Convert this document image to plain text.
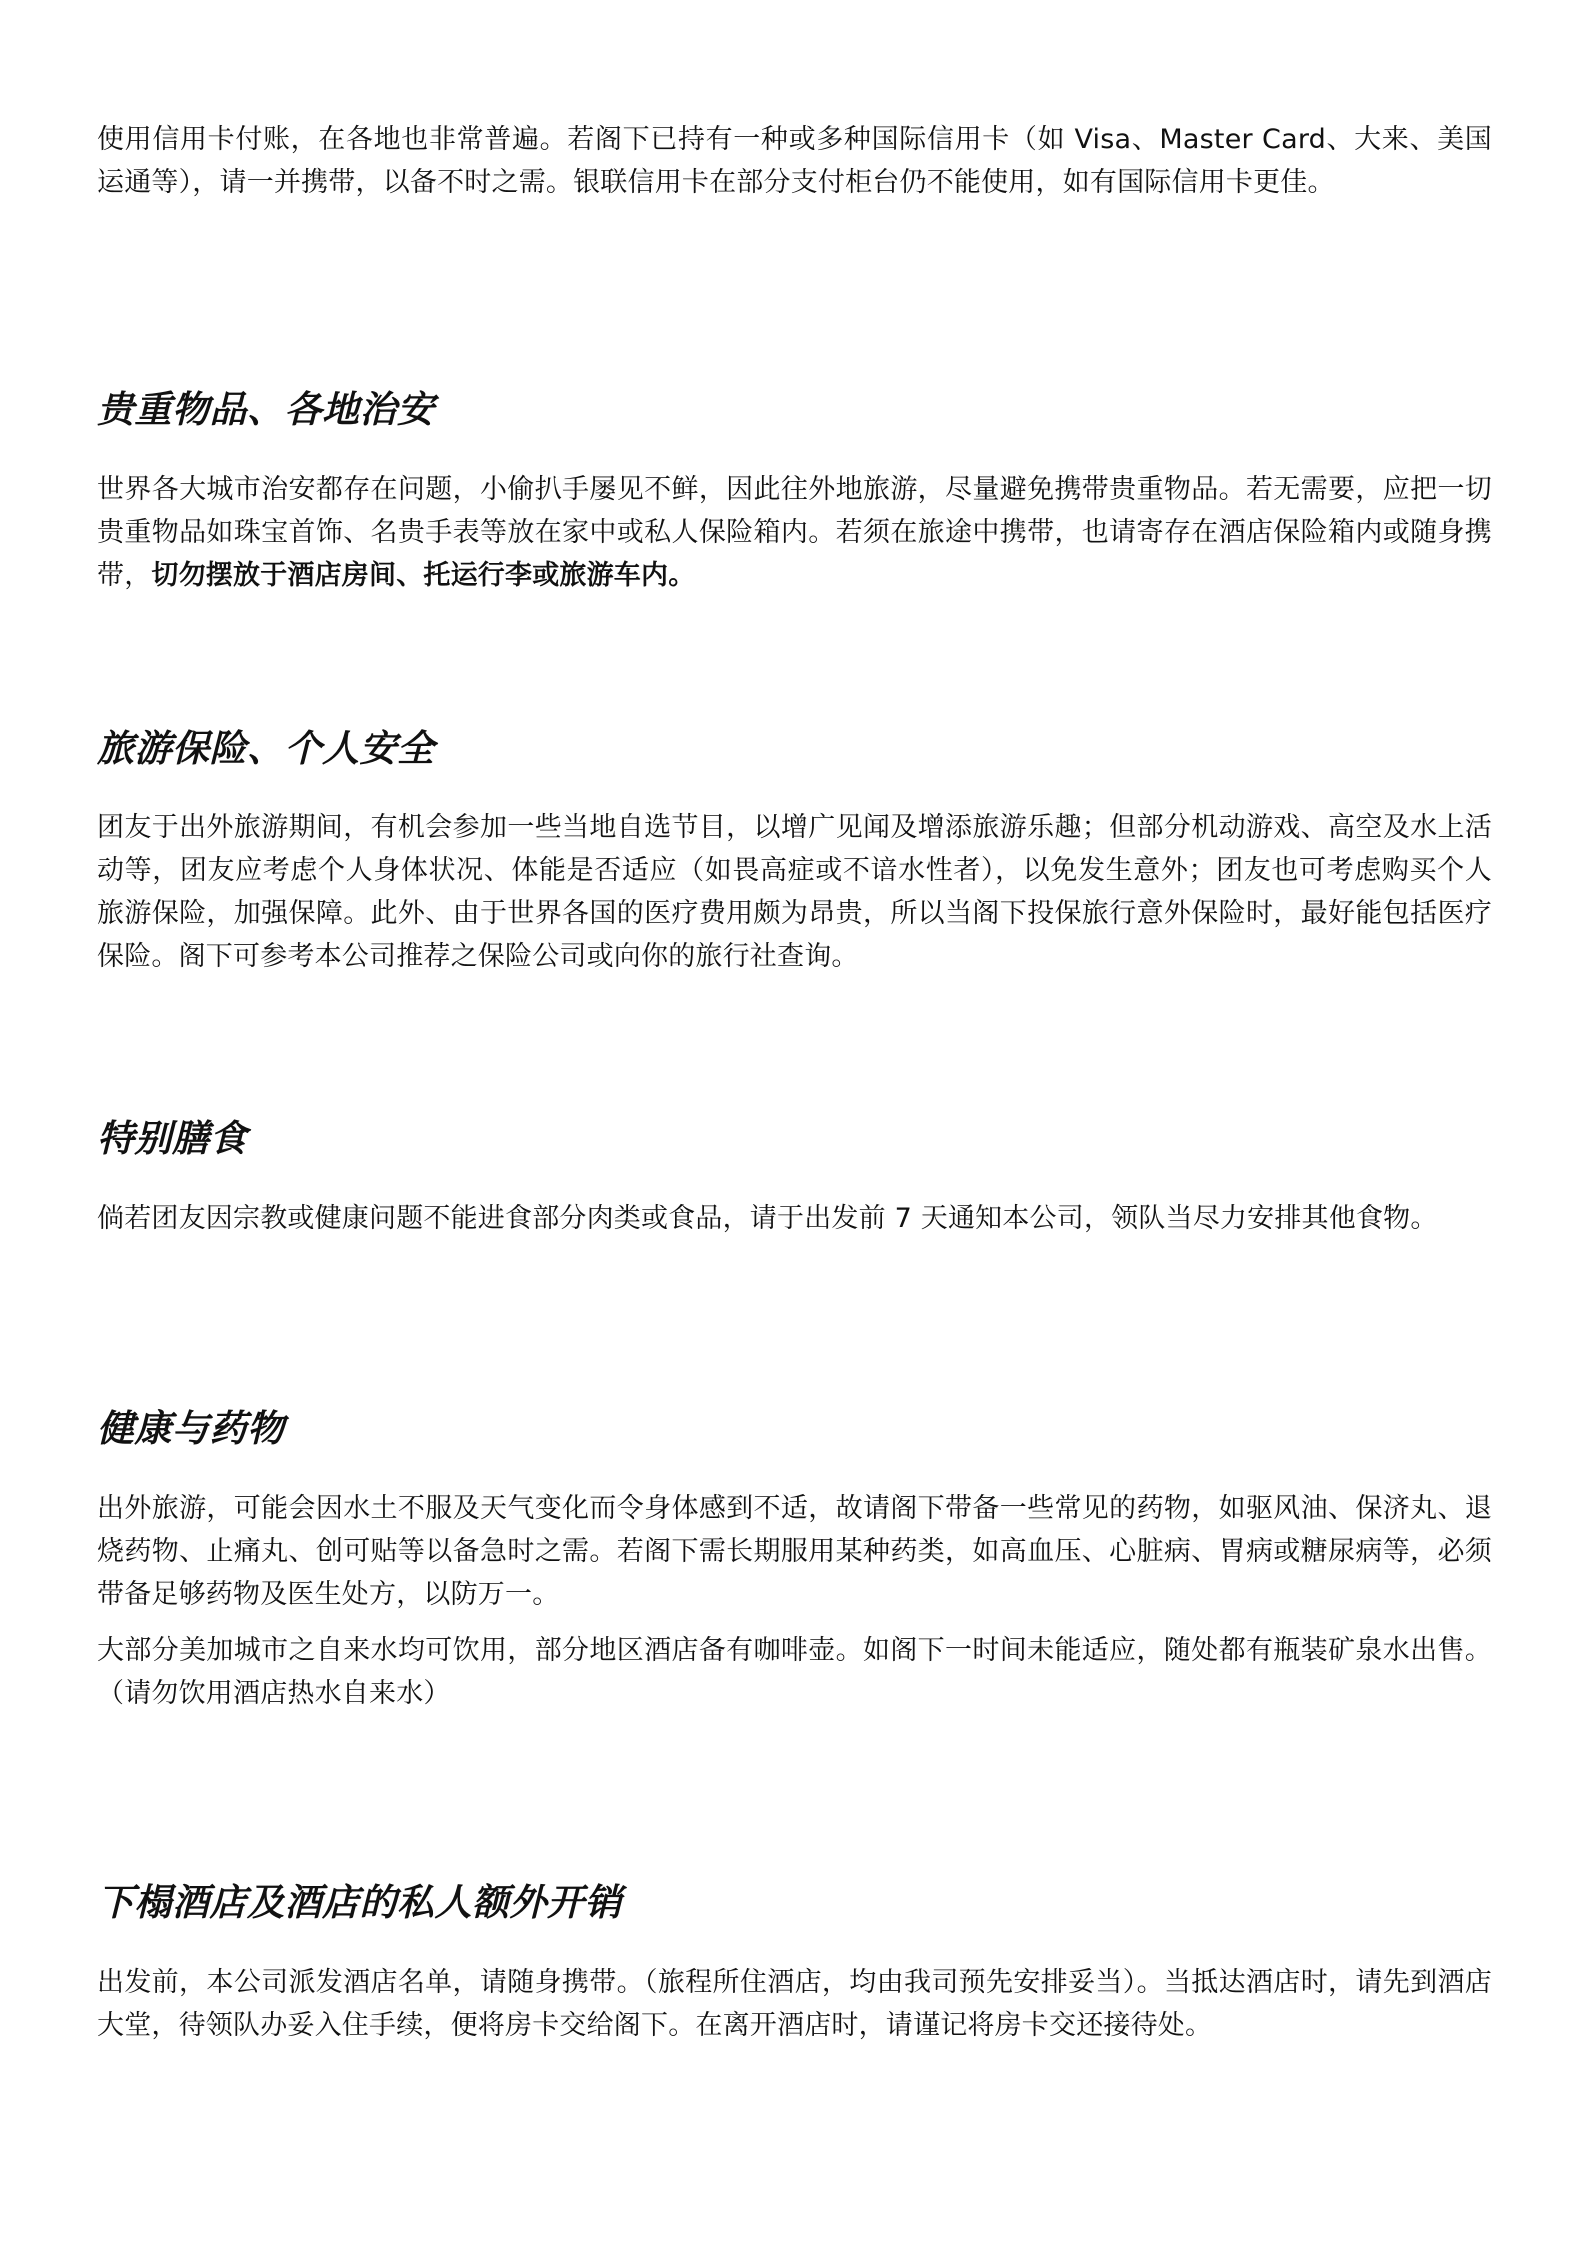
使用信用卡付账，在各地也非常普遍。若阁下已持有一种或多种国际信用卡（如 Visa、Master Card、大来、美国运通等），请一并携带，以备不时之需。银联信用卡在部分支付柜台仍不能使用，如有国际信用卡更佳。

贵重物品、各地治安

世界各大城市治安都存在问题，小偷扒手屡见不鲜，因此往外地旅游，尽量避免携带贵重物品。若无需要，应把一切贵重物品如珠宝首饰、名贵手表等放在家中或私人保险箱内。若须在旅途中携带，也请寄存在酒店保险箱内或随身携带，切勿摆放于酒店房间、托运行李或旅游车内。

旅游保险、个人安全

团友于出外旅游期间，有机会参加一些当地自选节目，以增广见闻及增添旅游乐趣；但部分机动游戏、高空及水上活动等，团友应考虑个人身体状况、体能是否适应（如畏高症或不谙水性者），以免发生意外；团友也可考虑购买个人旅游保险，加强保障。此外、由于世界各国的医疗费用颇为昂贵，所以当阁下投保旅行意外保险时，最好能包括医疗保险。阁下可参考本公司推荐之保险公司或向你的旅行社查询。

特别膳食

倘若团友因宗教或健康问题不能进食部分肉类或食品，请于出发前 7 天通知本公司，领队当尽力安排其他食物。

健康与药物

出外旅游，可能会因水土不服及天气变化而令身体感到不适，故请阁下带备一些常见的药物，如驱风油、保济丸、退烧药物、止痛丸、创可贴等以备急时之需。若阁下需长期服用某种药类，如高血压、心脏病、胃病或糖尿病等，必须带备足够药物及医生处方，以防万一。

大部分美加城市之自来水均可饮用，部分地区酒店备有咖啡壶。如阁下一时间未能适应，随处都有瓶装矿泉水出售。（请勿饮用酒店热水自来水）

下榻酒店及酒店的私人额外开销

出发前，本公司派发酒店名单，请随身携带。（旅程所住酒店，均由我司预先安排妥当）。当抵达酒店时，请先到酒店大堂，待领队办妥入住手续，便将房卡交给阁下。在离开酒店时，请谨记将房卡交还接待处。
